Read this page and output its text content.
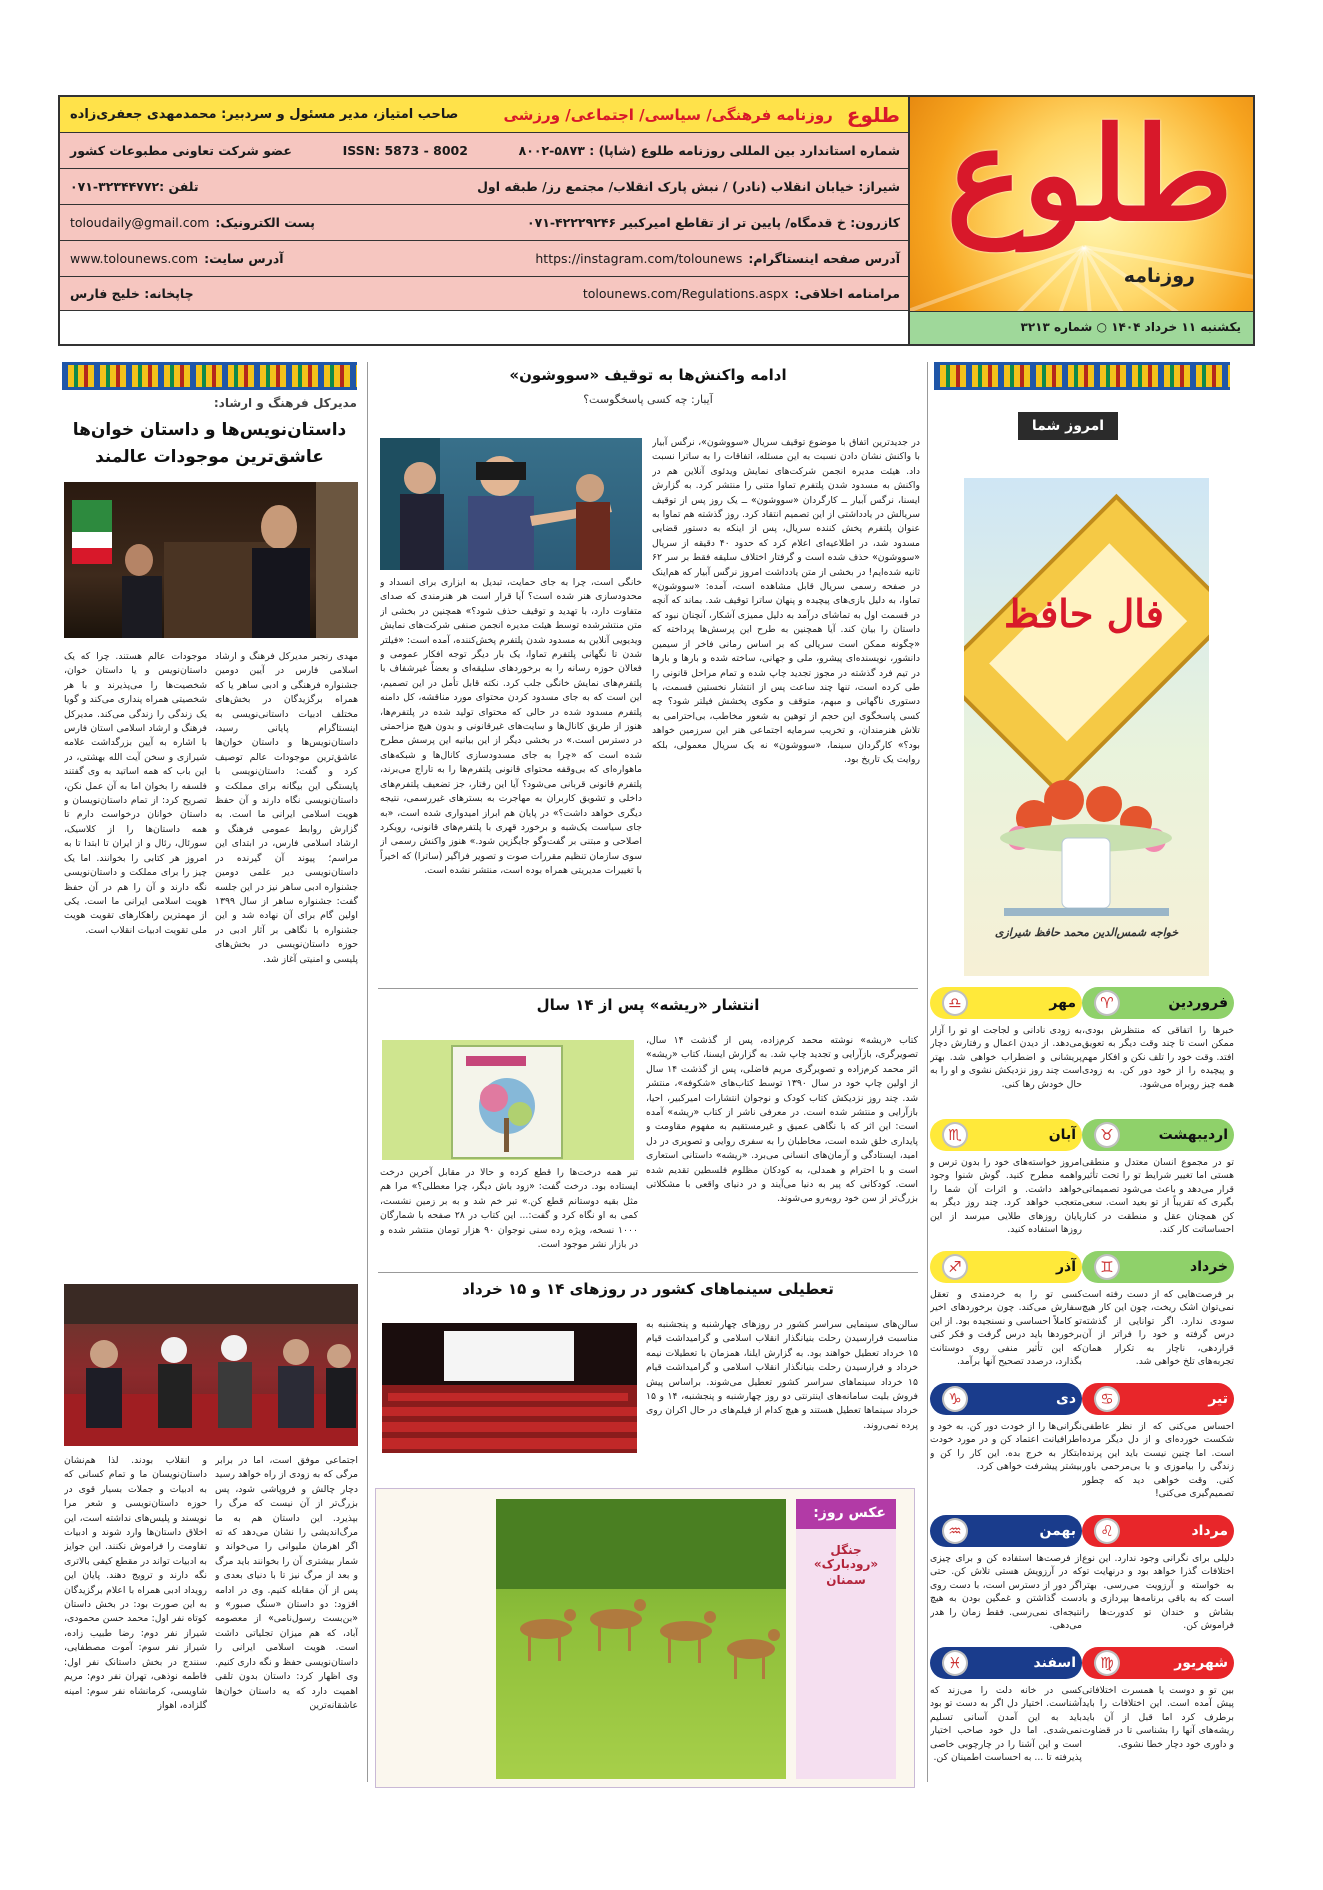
طلوع
روزنامه فرهنگی/ سیاسی/ اجتماعی/ ورزشی
صاحب امتیاز، مدیر مسئول و سردبیر: محمدمهدی جعفری‌زاده
شماره استاندارد بین المللی روزنامه طلوع (شاپا) : ۵۸۷۳-۸۰۰۲
ISSN: 5873 - 8002
عضو شرکت تعاونی مطبوعات کشور
شیراز: خیابان انقلاب (نادر) / نبش پارک انقلاب/ مجتمع رز/ طبقه اول
تلفن :۳۲۳۴۴۷۷۲-۰۷۱
کازرون: خ قدمگاه/ پایین تر از تقاطع امیرکبیر ۴۲۲۲۹۲۴۶-۰۷۱
پست الکترونیک:
toloudaily@gmail.com
آدرس صفحه اینستاگرام:
https://instagram.com/tolounews
آدرس سایت:
www.tolounews.com
مرامنامه اخلاقی:
tolounews.com/Regulations.aspx
چاپخانه: خلیج فارس
طلوع
روزنامه
یکشنبه ۱۱ خرداد ۱۴۰۴ ○ شماره ۳۲۱۳
مدیرکل فرهنگ و ارشاد:
داستان‌نویس‌ها و داستان خوان‌ها عاشق‌ترین موجودات عالمند
مهدی رنجبر مدیرکل فرهنگ و ارشاد اسلامی فارس در آیین دومین جشنواره فرهنگی و ادبی ساهر یا که همراه برگزیدگان در بخش‌های مختلف ادبیات داستانی‌نویسی به اینستاگرام پایانی رسید، داستان‌نویس‌ها و داستان خوان‌ها عاشق‌ترین موجودات عالم توصیف کرد و گفت: داستان‌نویسی با پایستگی این بیگانه برای مملکت و داستان‌نویسی نگاه دارند و آن حفظ هویت اسلامی ایرانی ما است. به گزارش روابط عمومی فرهنگ و ارشاد اسلامی فارس، در ابتدای این مراسم؛ پیوند آن گیرنده در داستان‌نویسی دیر علمی دومین جشنواره ادبی ساهر نیز در این جلسه گفت: جشنواره ساهر از سال ۱۳۹۹ اولین گام برای آن نهاده شد و این جشنواره با نگاهی بر آثار ادبی در حوزه داستان‌نویسی در بخش‌های پلیسی و امنیتی آغاز شد.
موجودات عالم هستند. چرا که یک داستان‌نویس و یا داستان خوان، شخصیت‌ها را می‌پذیرند و با هر شخصیتی همراه پنداری می‌کند و گویا یک زندگی را زندگی می‌کند. مدیرکل فرهنگ و ارشاد اسلامی استان فارس با اشاره به آیین بزرگداشت علامه شیرازی و سخن آیت الله بهشتی، در این باب که همه اساتید به وی گفتند فلسفه را بخوان اما به آن عمل نکن، تصریح کرد: از تمام داستان‌نویسان و داستان خوانان درخواست دارم تا همه داستان‌ها را از کلاسیک، سورئال، رئال و از ایران تا ابتدا تا به امروز هر کتابی را بخوانند. اما یک چیز را برای مملکت و داستان‌نویسی نگه دارند و آن را هم در آن حفظ هویت اسلامی ایرانی ما است. یکی از مهمترین راهکارهای تقویت هویت ملی تقویت ادبیات انقلاب است.
اجتماعی موفق است، اما در برابر مرگی که به زودی از راه خواهد رسید دچار چالش و فروپاشی شود، پس بزرگ‌تر از آن نیست که مرگ را بپذیرد. این داستان هم به ما مرگ‌اندیشی را نشان می‌دهد که ته‌ اگر اهرمان ملیوانی را می‌خواند و شمار بیشتری آن را بخوانند باید مرگ و بعد از مرگ نیز تا با دنیای بعدی و پس از آن مقابله کنیم. وی در ادامه افزود: دو داستان «سنگ صبور» و «بن‌بست رسول‌نامی» از معصومه آباد، که هم میزان تجلیاتی داشت است. هویت اسلامی ایرانی را داستان‌نویسی حفظ و نگه داری کنیم. وی اظهار کرد: داستان بدون تلقی اهمیت دارد که یه داستان خوان‌ها عاشقانه‌ترین
و انقلاب بودند. لذا هم‌نشان داستان‌نویسان ما و تمام کسانی که به ادبیات و جملات بسیار قوی در حوزه داستان‌نویسی و شعر مرا نویسند و پلیس‌های نداشته است، این اخلاق داستان‌ها وارد شوند و ادبیات تقاومت را فراموش نکنند. این جوایز به ادبیات تواند در مقطع کیفی بالاتری نگه دارند و ترویج دهند. پایان این رویداد ادبی همراه با اعلام برگزیدگان به این صورت بود: در بخش داستان کوتاه نفر اول: محمد حسن محمودی، شیراز نفر دوم: رضا طبیب زاده، شیراز نفر سوم: آموت مصطفایی، سنندج در بخش داستانک نفر اول: فاطمه نوذهی، تهران نفر دوم: مریم شاویسی، کرمانشاه نفر سوم: امینه گلزاده، اهواز
ادامه واکنش‌ها به توقیف «سووشون»
آیبار: چه کسی پاسخگوست؟
در جدیدترین اتفاق با موضوع توقیف سریال «سووشون»، نرگس آبیار با واکنش نشان دادن نسبت به این مسئله، اتفاقات را به ساترا نسبت داد. هیئت مدیره انجمن شرکت‌های نمایش ویدئوی آنلاین هم در واکنش به مسدود شدن پلتفرم تماوا متنی را منتشر کرد. به گزارش ایسنا، نرگس آبیار ــ کارگردان «سووشون» ــ یک روز پس از توقیف سریالش در یادداشتی از این تصمیم انتقاد کرد. روز گذشته هم تماوا به عنوان پلتفرم پخش کننده سریال، پس از اینکه به دستور قضایی مسدود شد، در اطلاعیه‌ای اعلام کرد که حدود ۴۰ دقیقه از سریال «سووشون» حذف شده است و گرفتار اختلاف سلیقه فقط بر سر ۶۲ ثانیه شده‌ایم! در بخشی از متن یادداشت امروز نرگس آبیار که هم‌اینک در صفحه رسمی سریال قابل مشاهده است، آمده: «سووشون» تماوا، به دلیل بازی‌های پیچیده و پنهان ساترا توقیف شد. بماند که آنچه در قسمت اول به تماشای درآمد به دلیل ممیزی آشکار، آنچنان نبود که داستان را بیان کند. آیا همچنین به طرح این پرسش‌ها پرداخته که «چگونه ممکن است سریالی که بر اساس رمانی فاخر از سیمین دانشور، نویسنده‌ای پیشرو، ملی و جهانی، ساخته شده و بارها و بارها در تیم فرد گذشته در مجوز تجدید چاپ شده و تمام مراحل قانونی را طی کرده است، تنها چند ساعت پس از انتشار نخستین قسمت، با دستوری ناگهانی و مبهم، متوقف و مکوی پخشش فیلتر شود؟ چه کسی پاسخگوی این حجم از توهین به شعور مخاطب، بی‌احترامی به تلاش هنرمندان، و تخریب سرمایه اجتماعی هنر این سرزمین خواهد بود؟» کارگردان سینما، «سووشون» نه یک سریال معمولی، بلکه روایت یک تاریخ بود.
خانگی است، چرا به جای حمایت، تبدیل به ابزاری برای انسداد و محدودسازی هنر شده است؟ آیا قرار است هر هنرمندی که صدای متفاوت دارد، با تهدید و توقیف حذف شود؟» همچنین در بخشی از متن منتشرشده توسط هیئت مدیره انجمن صنفی شرکت‌های نمایش ویدیویی آنلاین به مسدود شدن پلتفرم پخش‌کننده، آمده است: «فیلتر شدن تا نگهانی پلتفرم تماوا، یک بار دیگر توجه افکار عمومی و فعالان حوزه رسانه را به برخوردهای سلیقه‌ای و بعضاً غیرشفاف با پلتفرم‌های نمایش خانگی جلب کرد. نکته قابل تأمل در این تصمیم، این است که به جای مسدود کردن محتوای مورد مناقشه، کل دامنه پلتفرم مسدود شده در حالی که محتوای تولید شده در پلتفرم‌ها، هنوز از طریق کانال‌ها و سایت‌های غیرقانونی و بدون هیچ مزاحمتی در دسترس است.» در بخشی دیگر از این بیانیه این پرسش مطرح شده است که «چرا به جای مسدودسازی کانال‌ها و شبکه‌های ماهواره‌ای که بی‌وقفه محتوای قانونی پلتفرم‌ها را به تاراج می‌برند، پلتفرم قانونی قربانی می‌شود؟ آیا این رفتار، جز تضعیف پلتفرم‌های داخلی و تشویق کاربران به مهاجرت به بسترهای غیررسمی، نتیجه دیگری خواهد داشت؟» در پایان هم ابراز امیدواری شده است، «به جای سیاست یک‌شبه و برخورد قهری با پلتفرم‌های قانونی، رویکرد اصلاحی و مبتنی بر گفت‌وگو جایگزین شود.» هنوز واکنش رسمی از سوی سازمان تنظیم مقررات صوت و تصویر فراگیر (ساترا) که اخیراً با تغییرات مدیریتی همراه بوده است، منتشر نشده است.
انتشار «ریشه» پس از ۱۴ سال
کتاب «ریشه» نوشته محمد کرم‌زاده، پس از گذشت ۱۴ سال، تصویرگری، بازآرایی و تجدید چاپ شد. به گزارش ایسنا، کتاب «ریشه» اثر محمد کرم‌زاده و تصویرگری مریم فاضلی، پس از گذشت ۱۴ سال از اولین چاپ خود در سال ۱۳۹۰ توسط کتاب‌های «شکوفه»، منتشر شد. چند روز نزدیکش کتاب کودک و نوجوان انتشارات امیرکبیر، احیا، بازآرایی و منتشر شده است. در معرفی ناشر از کتاب «ریشه» آمده است: این اثر که با نگاهی عمیق و غیرمستقیم به مفهوم مقاومت و پایداری خلق شده است، مخاطبان را به سفری روایی و تصویری در دل امید، ایستادگی و آرمان‌های انسانی می‌برد. «ریشه» داستانی استعاری است و با احترام و همدلی، به کودکان مظلوم فلسطین تقدیم شده است. کودکانی که پیر به دنیا می‌آیند و در دنیای واقعی با مشکلاتی بزرگ‌تر از سن خود روبه‌رو می‌شوند.
تبر همه درخت‌ها را قطع کرده و حالا در مقابل آخرین درخت ایستاده بود. درخت گفت: «زود باش دیگر، چرا معطلی؟» مرا هم مثل بقیه دوستانم قطع کن.» تبر خم شد و به بر زمین نشست، کمی به او نگاه کرد و گفت:... این کتاب در ۲۸ صفحه با شمارگان ۱۰۰۰ نسخه، ویژه رده سنی نوجوان ۹۰ هزار تومان منتشر شده و در بازار نشر موجود است.
تعطیلی سینماهای کشور در روزهای ۱۴ و ۱۵ خرداد
سالن‌های سینمایی سراسر کشور در روزهای چهارشنبه و پنجشنبه به مناسبت فرارسیدن رحلت بنیانگذار انقلاب اسلامی و گرامیداشت قیام ۱۵ خرداد تعطیل خواهند بود. به گزارش ایلنا، همزمان با تعطیلات نیمه خرداد و فرارسیدن رحلت بنیانگذار انقلاب اسلامی و گرامیداشت قیام ۱۵ خرداد سینماهای سراسر کشور تعطیل می‌شوند. براساس پیش فروش بلیت سامانه‌های اینترنتی دو روز چهارشنبه و پنجشنبه، ۱۴ و ۱۵ خرداد سینماها تعطیل هستند و هیچ کدام از فیلم‌های در حال اکران روی پرده نمی‌روند.
عکس روز:
جنگل «رودبارک»
سمنان
امروز شما
فال حافظ
خواجه شمس‌الدین محمد حافظ شیرازی
فروردین
♈
خبرها را اتفاقی که منتظرش بودی، ممکن است تا چند وقت دیگر به تعویق افتد. وقت خود را تلف نکن و افکار مهم و پیچیده را از خود دور کن. به زودی همه چیز روبراه می‌شود.
مهر
♎
به زودی نادانی و لجاجت او تو را آزار می‌دهد. از دیدن اعمال و رفتارش دچار پریشانی و اضطراب خواهی شد. بهتر است چند روز نزدیکش نشوی و او را به حال خودش رها کنی.
اردیبهشت
♉
تو در مجموع انسان معتدل و منطقی هستی اما تغییر شرایط تو را تحت تأثیر قرار می‌دهد و باعث می‌شود تصمیماتی بگیری که تقریباً از تو بعید است. سعی کن همچنان عقل و منطقت در کنار احساساتت کار کند.
آبان
♏
امروز خواسته‌های خود را بدون ترس و واهمه مطرح کنید. گوش شنوا وجود خواهد داشت. و اثرات آن شما را متعجب خواهد کرد. چند روز دیگر به پایان روزهای طلایی میرسد از این روزها استفاده کنید.
خرداد
♊
بر فرصت‌هایی که از دست رفته است نمی‌توان اشک ریخت، چون این کار هیچ سودی ندارد. اگر توانایی از گذشته درس گرفته و خود را فراتر از آن قراردهی، ناچار به تکرار همان تجربه‌های تلخ خواهی شد.
آذر
♐
کسی تو را به خردمندی و تعقل سفارش می‌کند. چون برخوردهای اخیر تو کاملاً احساسی و نسنجیده بود. از این برخوردها باید درس گرفت و فکر کنی که این تأثیر منفی روی دوستانت بگذارد، درصدد تصحیح آنها برآمد.
تیر
♋
احساس می‌کنی که از نظر عاطفی شکست خورده‌ای و از دل دیگر مرده است. اما چنین نیست باید این پرنده زندگی را بیاموزی و با بی‌مرحمی باور کنی. وقت خواهی دید که چطور تصمیم‌گیری می‌کنی!
دی
♑
نگرانی‌ها را از خودت دور کن. به خود و اطرافیانت اعتماد کن و در مورد خودت ابتکار به خرج بده. این کار را کن و بیشتر پیشرفت خواهی کرد.
مرداد
♌
دلیلی برای نگرانی وجود ندارد. این نوع اختلافات گذرا خواهد بود و درنهایت تو به خواسته و آرزویت می‌رسی. بهتر است که به باقی برنامه‌ها بپردازی و با بشاش و خندان تو کدورت‌ها را فراموش کن.
بهمن
♒
از فرصت‌ها استفاده کن و برای چیزی که در آرزویش هستی تلاش کن. حتی اگر دور از دسترس است، با دست روی دست گذاشتن و غمگین بودن به هیچ نتیجه‌ای نمی‌رسی. فقط زمان را هدر می‌دهی.
شهریور
♍
بین تو و دوست یا همسرت اختلافاتی پیش آمده است. این اختلافات را باید برطرف کرد اما قبل از آن باید ریشه‌های آنها را بشناسی تا در قضاوت و داوری خود دچار خطا نشوی.
اسفند
♓
کسی در خانه دلت را می‌زند که آشناست. اختیار دل اگر به دست تو بود باید به این آمدن آسانی تسلیم نمی‌شدی. اما دل خود صاحب اختیار است و این آشنا را در چارچوبی خاصی پذیرفته تا ... به احساست اطمینان کن.
